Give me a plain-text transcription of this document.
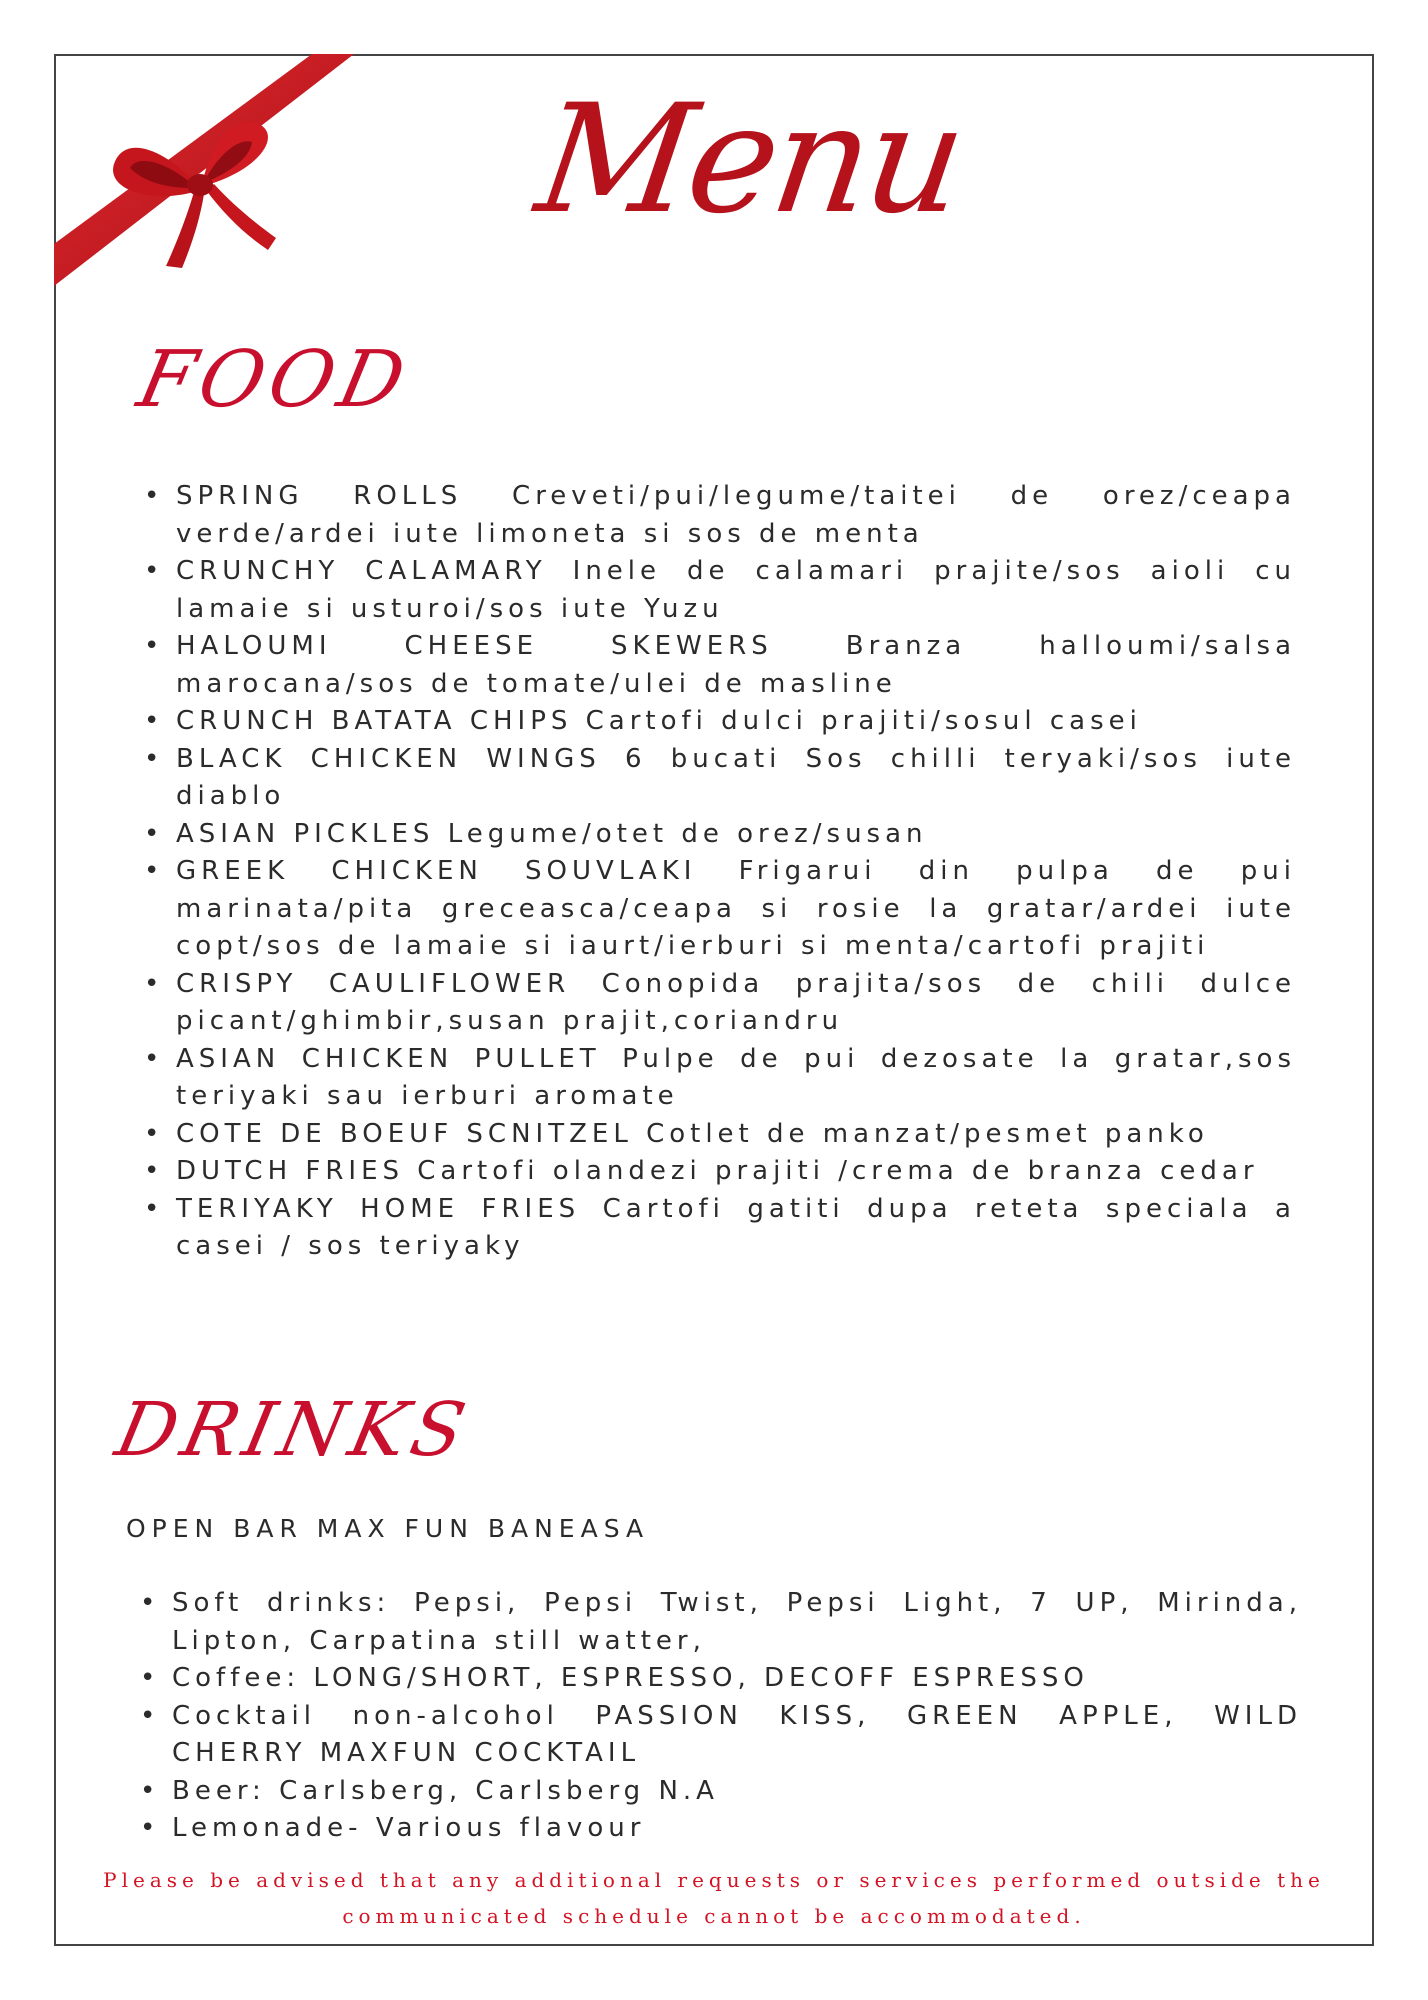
Menu
FOOD
• SPRING ROLLS Creveti/pui/legume/taitei de orez/ceapa verde/ardei iute limoneta si sos de menta
• CRUNCHY CALAMARY Inele de calamari prajite/sos aioli cu lamaie si usturoi/sos iute Yuzu
• HALOUMI CHEESE SKEWERS Branza halloumi/salsa marocana/sos de tomate/ulei de masline
• CRUNCH BATATA CHIPS Cartofi dulci prajiti/sosul casei
• BLACK CHICKEN WINGS 6 bucati Sos chilli teryaki/sos iute diablo
• ASIAN PICKLES Legume/otet de orez/susan
• GREEK CHICKEN SOUVLAKI Frigarui din pulpa de pui marinata/pita greceasca/ceapa si rosie la gratar/ardei iute copt/sos de lamaie si iaurt/ierburi si menta/cartofi prajiti
• CRISPY CAULIFLOWER Conopida prajita/sos de chili dulce picant/ghimbir,susan prajit,coriandru
• ASIAN CHICKEN PULLET Pulpe de pui dezosate la gratar,sos teriyaki sau ierburi aromate
• COTE DE BOEUF SCNITZEL Cotlet de manzat/pesmet panko
• DUTCH FRIES Cartofi olandezi prajiti /crema de branza cedar
• TERIYAKY HOME FRIES Cartofi gatiti dupa reteta speciala a casei / sos teriyaky
DRINKS

OPEN BAR MAX FUN BANEASA

• Soft drinks: Pepsi, Pepsi Twist, Pepsi Light, 7 UP, Mirinda, Lipton, Carpatina still watter,
• Coffee: LONG/SHORT, ESPRESSO, DECOFF ESPRESSO
• Cocktail non-alcohol PASSION KISS, GREEN APPLE, WILD CHERRY MAXFUN COCKTAIL
• Beer: Carlsberg, Carlsberg N.A
• Lemonade- Various flavour

Please be advised that any additional requests or services performed outside the communicated schedule cannot be accommodated.
